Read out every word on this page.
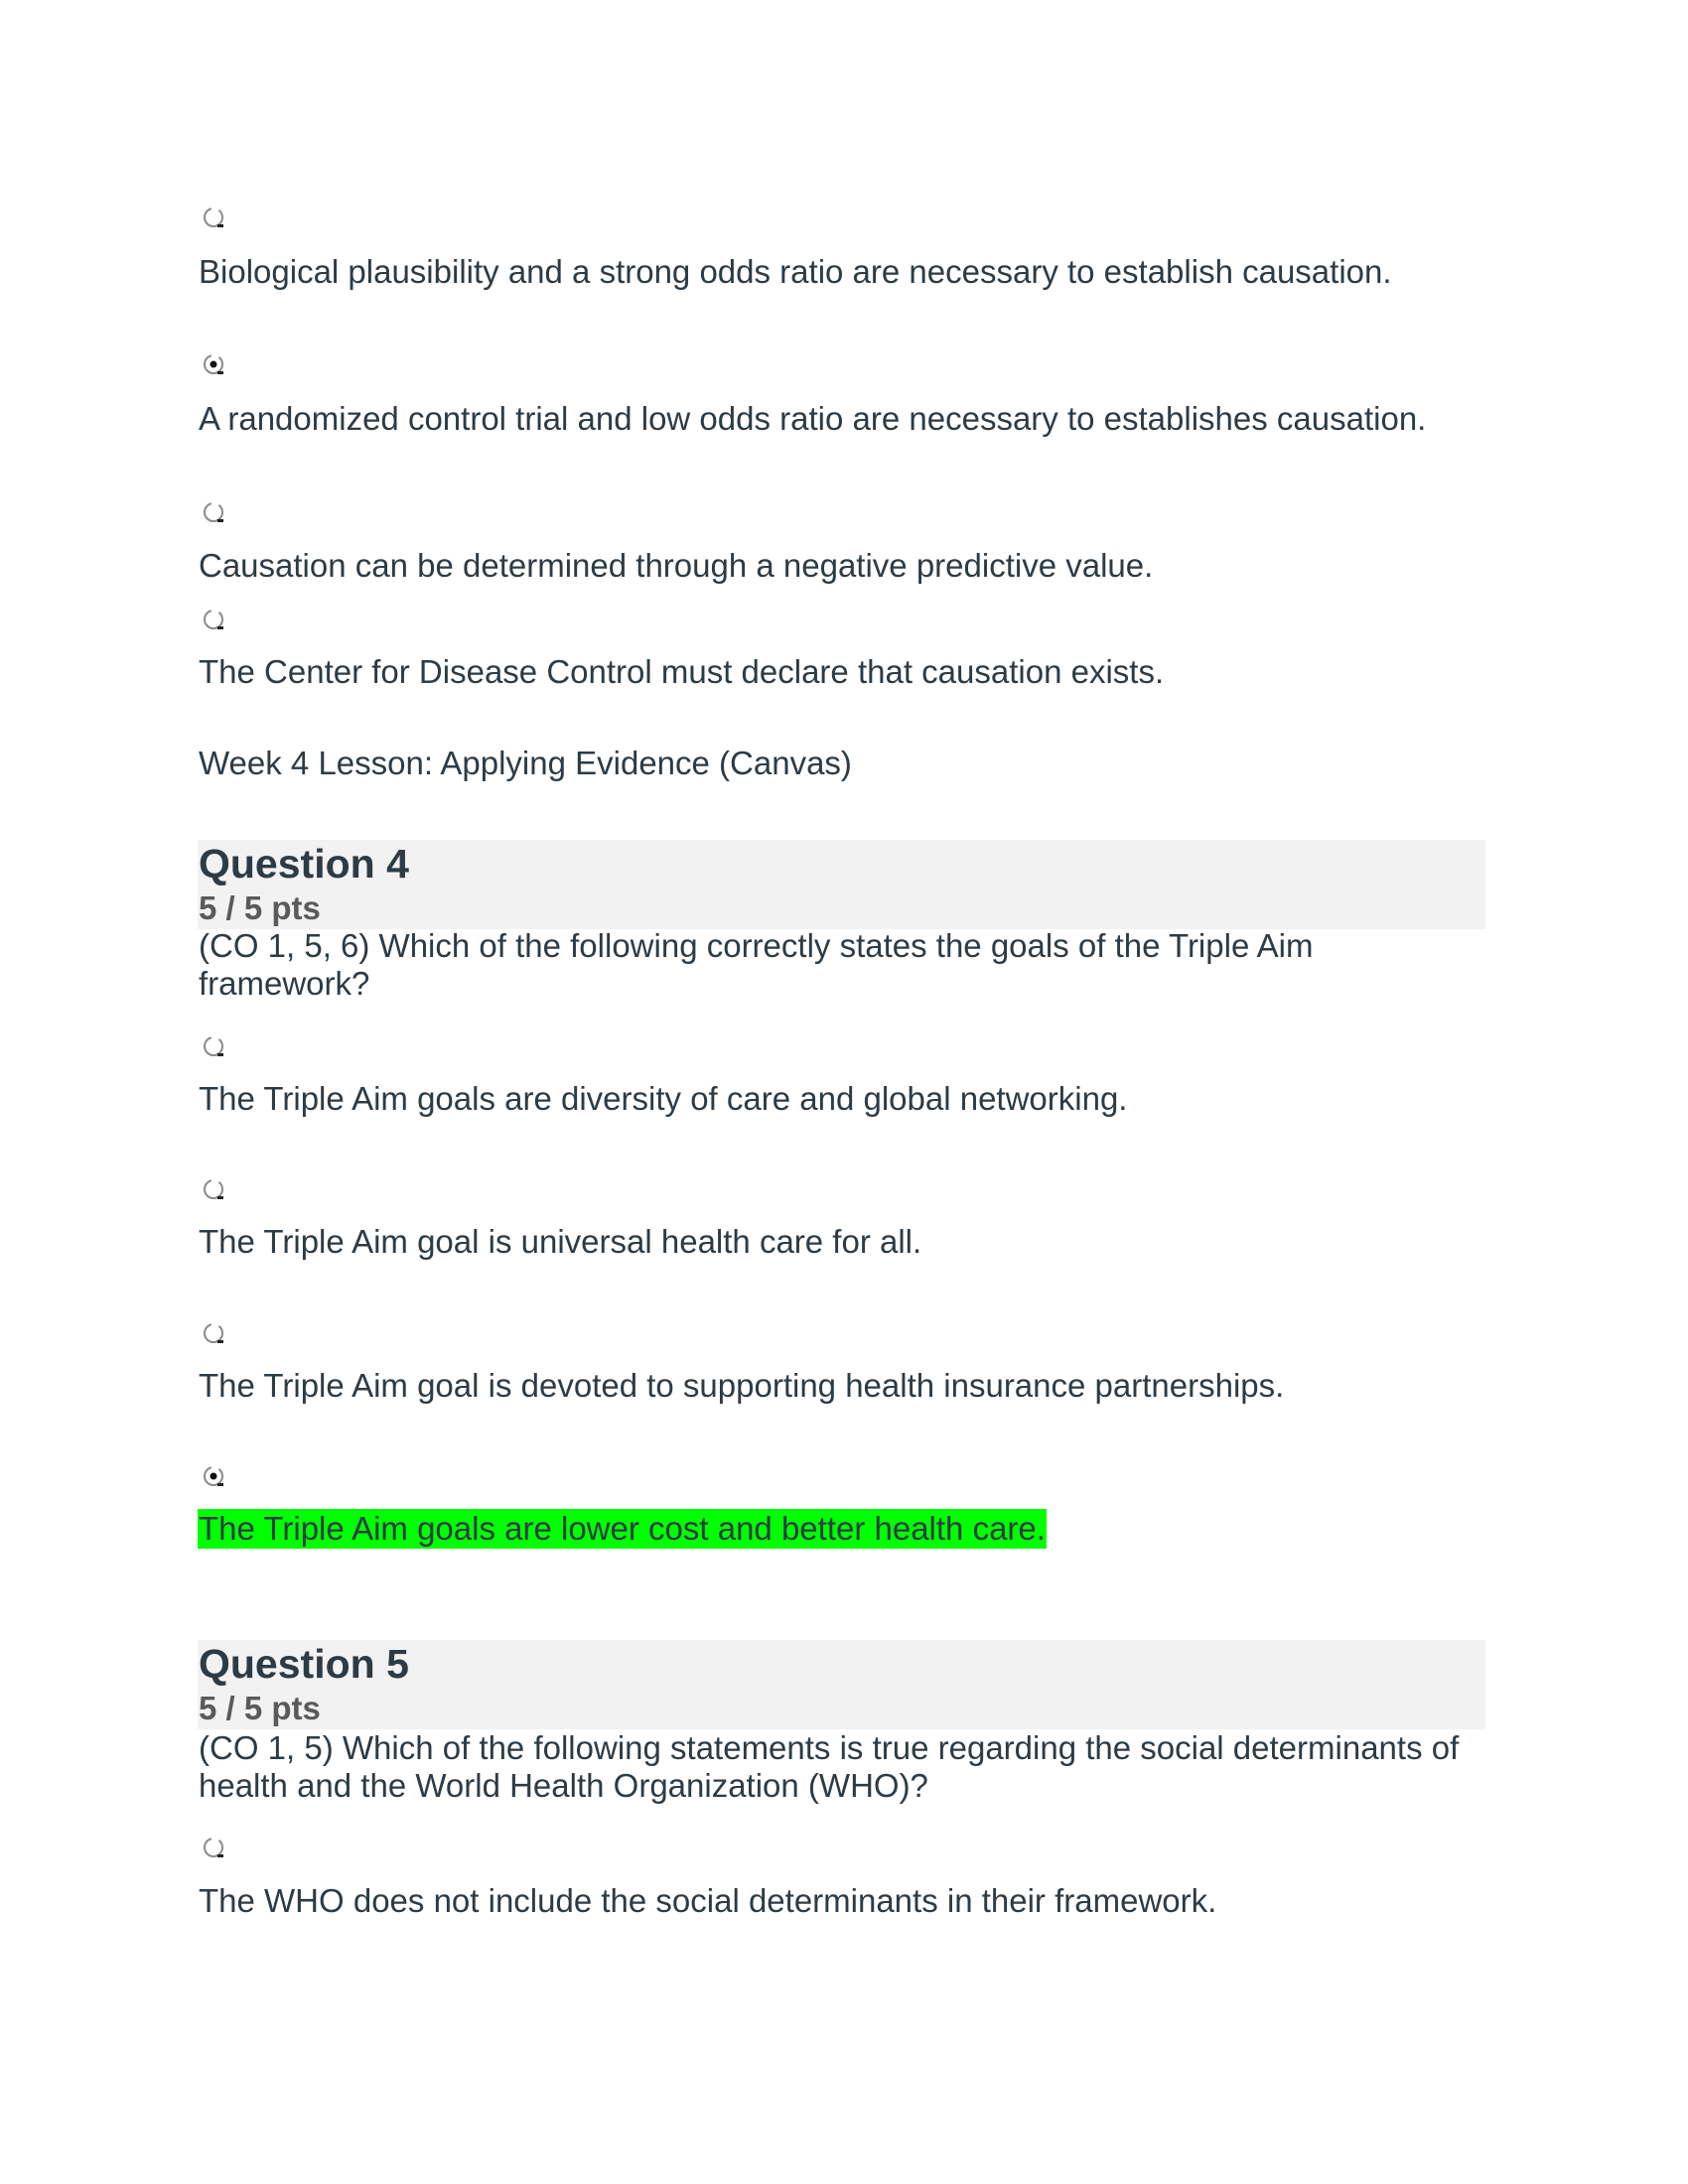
Biological plausibility and a strong odds ratio are necessary to establish causation.
A randomized control trial and low odds ratio are necessary to establishes causation.
Causation can be determined through a negative predictive value.
The Center for Disease Control must declare that causation exists.
Week 4 Lesson: Applying Evidence (Canvas)
Question 4
5 / 5 pts
(CO 1, 5, 6) Which of the following correctly states the goals of the Triple Aim framework?
The Triple Aim goals are diversity of care and global networking.
The Triple Aim goal is universal health care for all.
The Triple Aim goal is devoted to supporting health insurance partnerships.
The Triple Aim goals are lower cost and better health care.
Question 5
5 / 5 pts
(CO 1, 5) Which of the following statements is true regarding the social determinants of health and the World Health Organization (WHO)?
The WHO does not include the social determinants in their framework.
